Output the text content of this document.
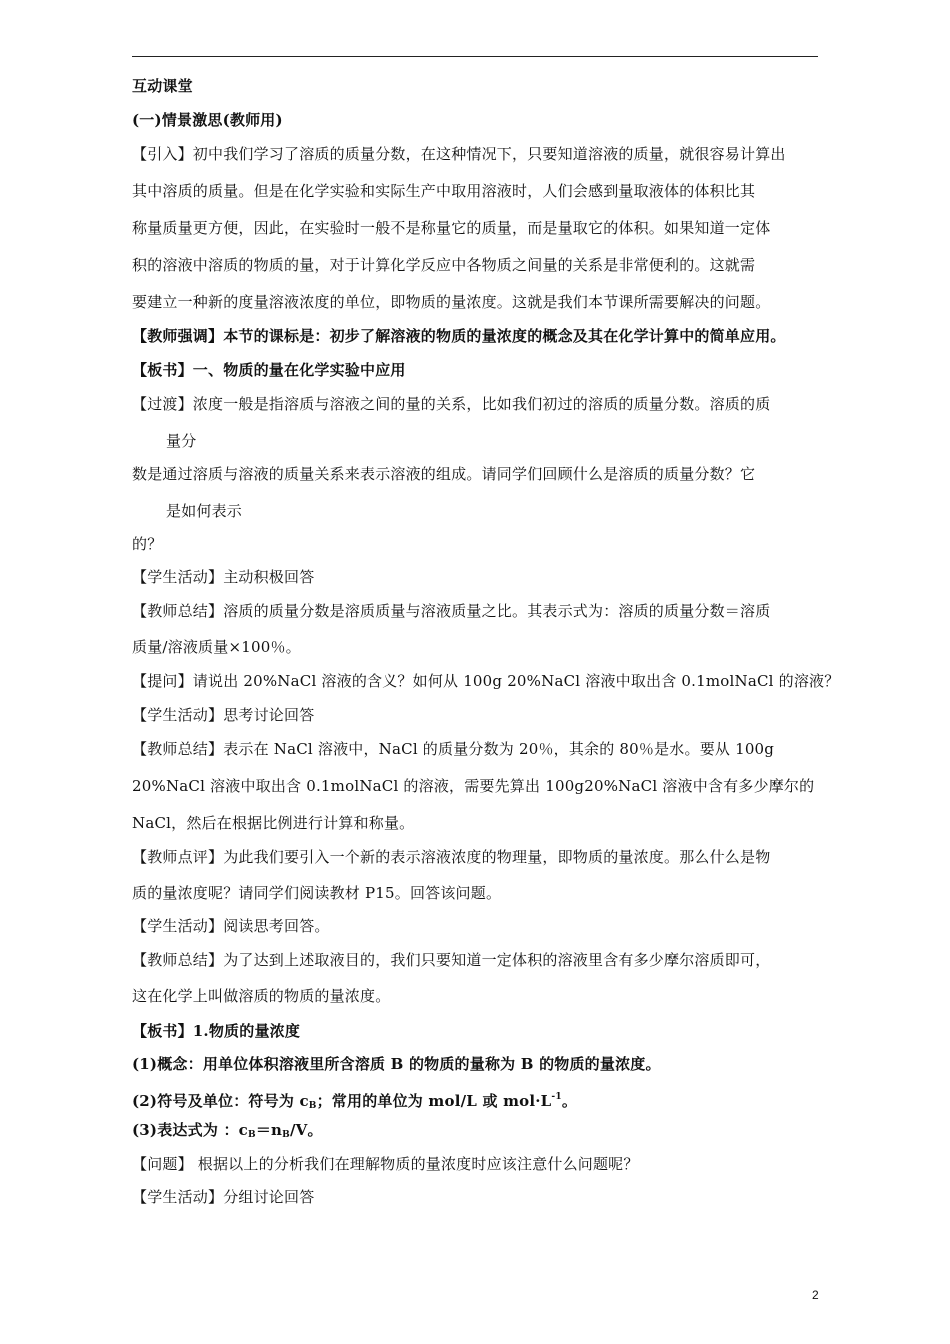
互动课堂
(一)情景激思(教师用)
【引入】初中我们学习了溶质的质量分数，在这种情况下，只要知道溶液的质量，就很容易计算出
其中溶质的质量。但是在化学实验和实际生产中取用溶液时，人们会感到量取液体的体积比其
称量质量更方便，因此，在实验时一般不是称量它的质量，而是量取它的体积。如果知道一定体
积的溶液中溶质的物质的量，对于计算化学反应中各物质之间量的关系是非常便利的。这就需
要建立一种新的度量溶液浓度的单位，即物质的量浓度。这就是我们本节课所需要解决的问题。
【教师强调】本节的课标是：初步了解溶液的物质的量浓度的概念及其在化学计算中的简单应用。
【板书】一、物质的量在化学实验中应用
【过渡】浓度一般是指溶质与溶液之间的量的关系，比如我们初过的溶质的质量分数。溶质的质
量分
数是通过溶质与溶液的质量关系来表示溶液的组成。请同学们回顾什么是溶质的质量分数？它
是如何表示
的？
【学生活动】主动积极回答
【教师总结】溶质的质量分数是溶质质量与溶液质量之比。其表示式为：溶质的质量分数＝溶质
质量/溶液质量×100％。
【提问】请说出 20%NaCl 溶液的含义？如何从 100g 20%NaCl 溶液中取出含 0.1molNaCl 的溶液？
【学生活动】思考讨论回答
【教师总结】表示在 NaCl 溶液中，NaCl 的质量分数为 20％，其余的 80％是水。要从 100g
20%NaCl 溶液中取出含 0.1molNaCl 的溶液，需要先算出 100g20%NaCl 溶液中含有多少摩尔的
NaCl，然后在根据比例进行计算和称量。
【教师点评】为此我们要引入一个新的表示溶液浓度的物理量，即物质的量浓度。那么什么是物
质的量浓度呢？请同学们阅读教材 P15。回答该问题。
【学生活动】阅读思考回答。
【教师总结】为了达到上述取液目的，我们只要知道一定体积的溶液里含有多少摩尔溶质即可，
这在化学上叫做溶质的物质的量浓度。
【板书】1.物质的量浓度
(1)概念：用单位体积溶液里所含溶质 B 的物质的量称为 B 的物质的量浓度。
(2)符号及单位：符号为 $c_B$；常用的单位为 mol/L 或 $mol\cdot L^{-1}$。
(3)表达式为 ：$c_B=n_B/V$。
【问题】 根据以上的分析我们在理解物质的量浓度时应该注意什么问题呢？
【学生活动】分组讨论回答
2
